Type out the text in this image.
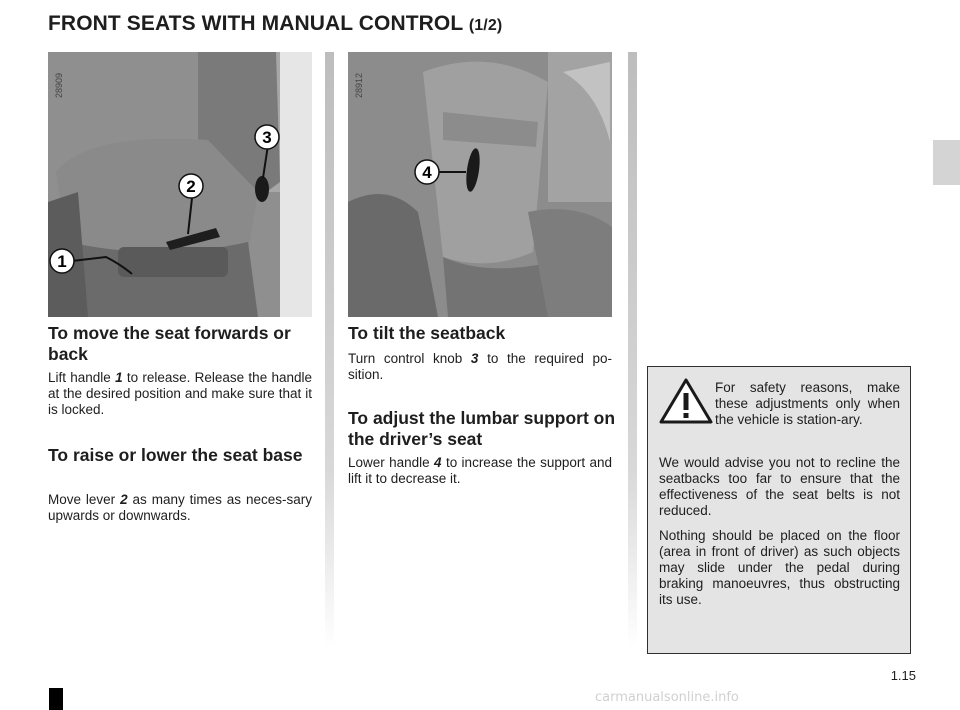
FRONT SEATS WITH MANUAL CONTROL (1/2)
1
2
3
28909
4
28912
To move the seat forwards or back

Lift handle 1 to release. Release the handle at the desired position and make sure that it is locked.

To raise or lower the seat base

Move lever 2 as many times as neces-sary upwards or downwards.

To tilt the seatback

Turn control knob 3 to the required po-sition.

To adjust the lumbar support on the driver’s seat

Lower handle 4 to increase the support and lift it to decrease it.

For safety reasons, make these adjustments only when the vehicle is station-ary.

We would advise you not to recline the seatbacks too far to ensure that the effectiveness of the seat belts is not reduced.

Nothing should be placed on the floor (area in front of driver) as such objects may slide under the pedal during braking manoeuvres, thus obstructing its use.

1.15
carmanualsonline.info
